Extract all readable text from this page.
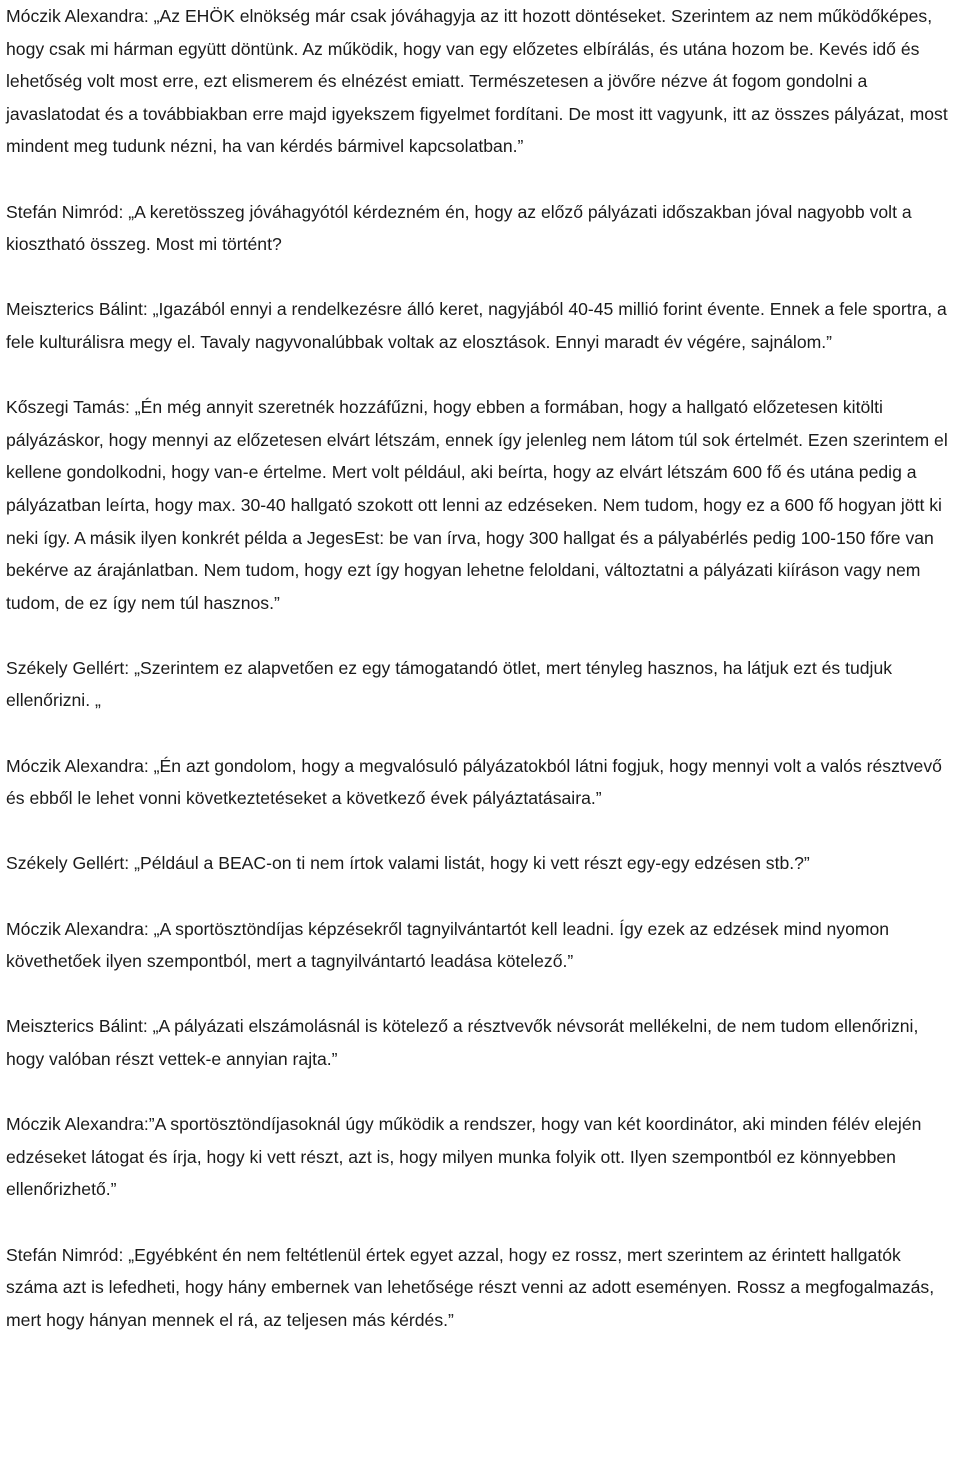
Móczik Alexandra: „Az EHÖK elnökség már csak jóváhagyja az itt hozott döntéseket. Szerintem az nem működőképes, hogy csak mi hárman együtt döntünk. Az működik, hogy van egy előzetes elbírálás, és utána hozom be. Kevés idő és lehetőség volt most erre, ezt elismerem és elnézést emiatt. Természetesen a jövőre nézve át fogom gondolni a javaslatodat és a továbbiakban erre majd igyekszem figyelmet fordítani. De most itt vagyunk, itt az összes pályázat, most mindent meg tudunk nézni, ha van kérdés bármivel kapcsolatban.”

Stefán Nimród: „A keretösszeg jóváhagyótól kérdezném én, hogy az előző pályázati időszakban jóval nagyobb volt a kiosztható összeg. Most mi történt?

Meiszterics Bálint: „Igazából ennyi a rendelkezésre álló keret, nagyjából 40-45 millió forint évente. Ennek a fele sportra, a fele kulturálisra megy el. Tavaly nagyvonalúbbak voltak az elosztások. Ennyi maradt év végére, sajnálom.”

Kőszegi Tamás: „Én még annyit szeretnék hozzáfűzni, hogy ebben a formában, hogy a hallgató előzetesen kitölti pályázáskor, hogy mennyi az előzetesen elvárt létszám, ennek így jelenleg nem látom túl sok értelmét. Ezen szerintem el kellene gondolkodni, hogy van-e értelme. Mert volt például, aki beírta, hogy az elvárt létszám 600 fő és utána pedig a pályázatban leírta, hogy max. 30-40 hallgató szokott ott lenni az edzéseken. Nem tudom, hogy ez a 600 fő hogyan jött ki neki így. A másik ilyen konkrét példa a JegesEst: be van írva, hogy 300 hallgat és a pályabérlés pedig 100-150 főre van bekérve az árajánlatban. Nem tudom, hogy ezt így hogyan lehetne feloldani, változtatni a pályázati kiíráson vagy nem tudom, de ez így nem túl hasznos.”

Székely Gellért: „Szerintem ez alapvetően ez egy támogatandó ötlet, mert tényleg hasznos, ha látjuk ezt és tudjuk ellenőrizni. „

Móczik Alexandra: „Én azt gondolom, hogy a megvalósuló pályázatokból látni fogjuk, hogy mennyi volt a valós résztvevő és ebből le lehet vonni következtetéseket a következő évek pályáztatásaira.”

Székely Gellért: „Például a BEAC-on ti nem írtok valami listát, hogy ki vett részt egy-egy edzésen stb.?”

Móczik Alexandra: „A sportösztöndíjas képzésekről tagnyilvántartót kell leadni. Így ezek az edzések mind nyomon követhetőek ilyen szempontból, mert a tagnyilvántartó leadása kötelező.”

Meiszterics Bálint: „A pályázati elszámolásnál is kötelező a résztvevők névsorát mellékelni, de nem tudom ellenőrizni, hogy valóban részt vettek-e annyian rajta.”

Móczik Alexandra:”A sportösztöndíjasoknál úgy működik a rendszer, hogy van két koordinátor, aki minden félév elején edzéseket látogat és írja, hogy ki vett részt, azt is, hogy milyen munka folyik ott. Ilyen szempontból ez könnyebben ellenőrizhető.”

Stefán Nimród: „Egyébként én nem feltétlenül értek egyet azzal, hogy ez rossz, mert szerintem az érintett hallgatók száma azt is lefedheti, hogy hány embernek van lehetősége részt venni az adott eseményen. Rossz a megfogalmazás, mert hogy hányan mennek el rá, az teljesen más kérdés.”
